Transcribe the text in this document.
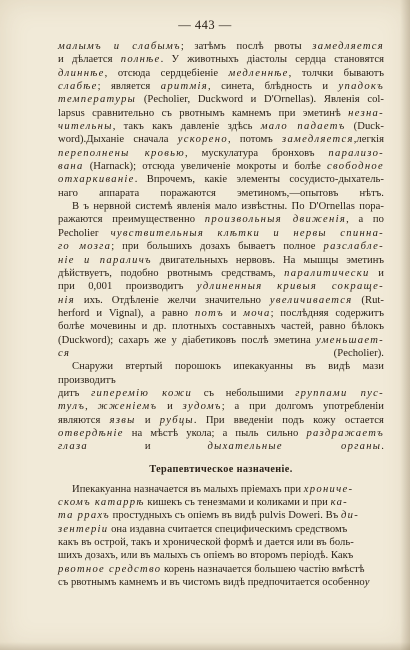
— 443 —
малымъ и слабымъ; затѣмъ послѣ рвоты замедляется
и дѣлается полнѣе. У животныхъ діастолы сердца становятся
длиннѣе, отсюда сердцебіеніе медленнѣе, толчки бываютъ
слабѣе; является аритмія, синета, блѣдность и упадокъ
температуры (Pecholier, Duckword и D'Ornellas). Явленія col-
lapsus сравнительно съ рвотнымъ камнемъ при эметинѣ незна-
чительны, такъ какъ давленіе здѣсь мало падаетъ (Duck-
word).Дыханіе сначала ускорено, потомъ замедляется,легкія
переполнены кровью, мускулатура бронховъ парализо-
вана (Harnack); отсюда увеличеніе мокроты и болѣе свободное
отхаркиваніе. Впрочемъ, какіе элементы сосудисто-дыхатель-
наго аппарата поражаются эметиномъ,—опытовъ нѣтъ.
В ъ нервной системѣ явленія мало извѣстны. По D'Ornellas пора-
ражаются преимущественно произвольныя движенія, а по
Pecholier чувствительныя клѣтки и нервы спинна-
го мозга; при большихъ дозахъ бываетъ полное разслабле-
ніе и параличъ двигательныхъ нервовъ. На мышцы эметинъ
дѣйствуетъ, подобно рвотнымъ средствамъ, паралитически и
при 0,001 производитъ удлиненныя кривыя сокраще-
нія ихъ. Отдѣленіе желчи значительно увеличивается (Rut-
herford и Vignal), а равно потъ и моча; послѣдняя содержитъ
болѣе мочевины и др. плотныхъ составныхъ частей, равно бѣлокъ
(Duckword); сахаръ же у діабетиковъ послѣ эметина уменьшает-
ся (Pecholier).
Снаружи втертый порошокъ ипекакуанны въ видѣ мази производитъ
дитъ гиперемію кожи съ небольшими группами пус-
тулъ, жженіемъ и зудомъ; а при долгомъ употребленіи
являются язвы и рубцы. При введеніи подъ кожу остается
отвердѣніе на мѣстѣ укола; а пыль сильно раздражаетъ
глаза и дыхательные органы.
Терапевтическое назначеніе.
Ипекакуанна назначается въ малыхъ пріемахъ при хрониче-
скомъ катаррѣ кишекъ съ тенезмами и коликами и при ка-
та ррахъ простудныхъ съ опіемъ въ видѣ pulvis Doweri. Въ ди-
зентеріи она издавна считается специфическимъ средствомъ
какъ въ острой, такъ и хронической формѣ и дается или въ боль-
шихъ дозахъ, или въ малыхъ съ опіемъ во второмъ періодѣ. Какъ
рвотное средство корень назначается большею частію вмѣстѣ
съ рвотнымъ камнемъ и въ чистомъ видѣ предпочитается особенноу
